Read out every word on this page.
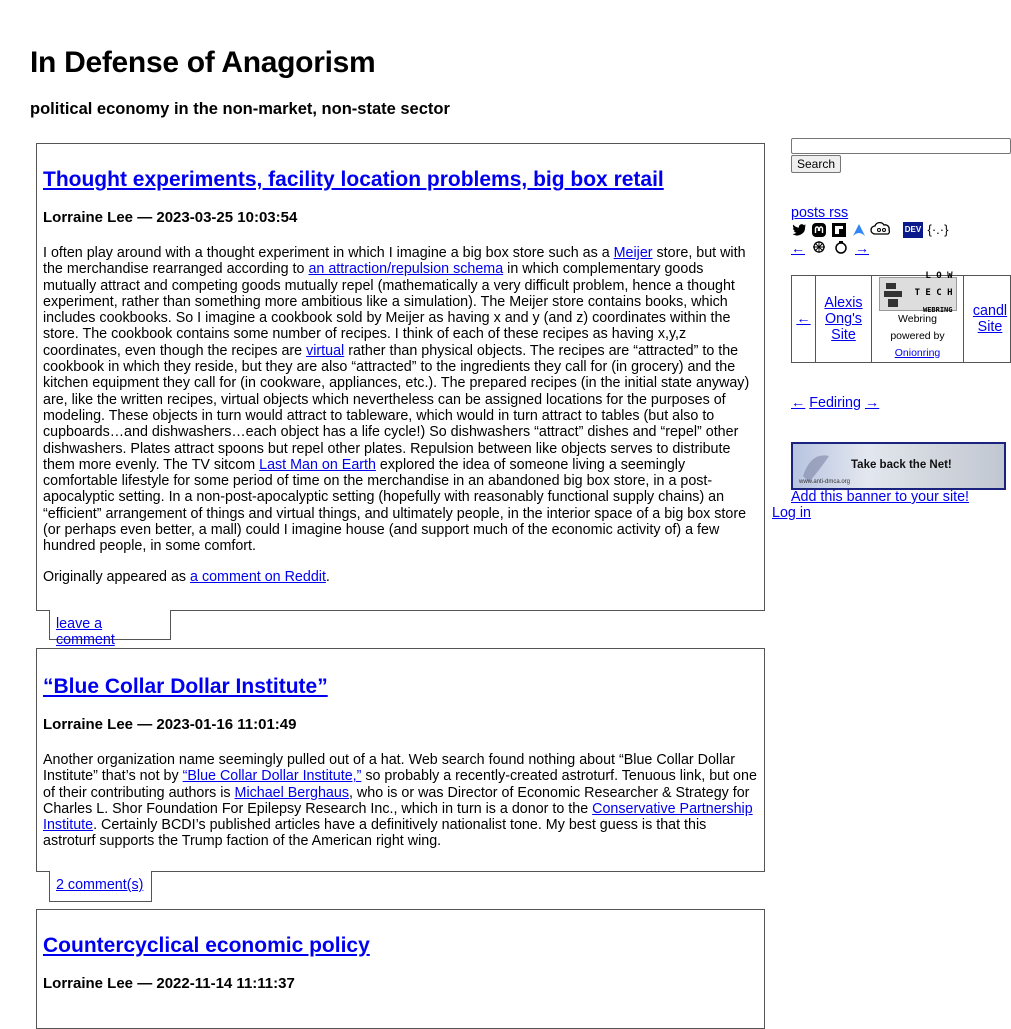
In Defense of Anagorism

political economy in the non-market, non-state sector

Thought experiments, facility location problems, big box retail
Lorraine Lee — 2023-03-25 10:03:54

I often play around with a thought experiment in which I imagine a big box store such as a Meijer store, but with the merchandise rearranged according to an attraction/repulsion schema in which complementary goods mutually attract and competing goods mutually repel (mathematically a very difficult problem, hence a thought experiment, rather than something more ambitious like a simulation). The Meijer store contains books, which includes cookbooks. So I imagine a cookbook sold by Meijer as having x and y (and z) coordinates within the store. The cookbook contains some number of recipes. I think of each of these recipes as having x,y,z coordinates, even though the recipes are virtual rather than physical objects. The recipes are “attracted” to the cookbook in which they reside, but they are also “attracted” to the ingredients they call for (in grocery) and the kitchen equipment they call for (in cookware, appliances, etc.). The prepared recipes (in the initial state anyway) are, like the written recipes, virtual objects which nevertheless can be assigned locations for the purposes of modeling. These objects in turn would attract to tableware, which would in turn attract to tables (but also to cupboards…and dishwashers…each object has a life cycle!) So dishwashers “attract” dishes and “repel” other dishwashers. Plates attract spoons but repel other plates. Repulsion between like objects serves to distribute them more evenly. The TV sitcom Last Man on Earth explored the idea of someone living a seemingly comfortable lifestyle for some period of time on the merchandise in an abandoned big box store, in a post-apocalyptic setting. In a non-post-apocalyptic setting (hopefully with reasonably functional supply chains) an “efficient” arrangement of things and virtual things, and ultimately people, in the interior space of a big box store (or perhaps even better, a mall) could I imagine house (and support much of the economic activity of) a few hundred people, in some comfort.

Originally appeared as a comment on Reddit.

leave a comment
“Blue Collar Dollar Institute”
Lorraine Lee — 2023-01-16 11:01:49

Another organization name seemingly pulled out of a hat. Web search found nothing about “Blue Collar Dollar Institute” that’s not by “Blue Collar Dollar Institute,” so probably a recently-created astroturf. Tenuous link, but one of their contributing authors is Michael Berghaus, who is or was Director of Economic Researcher & Strategy for Charles L. Shor Foundation For Epilepsy Research Inc., which in turn is a donor to the Conservative Partnership Institute. Certainly BCDI’s published articles have a definitively nationalist tone. My best guess is that this astroturf supports the Trump faction of the American right wing.

2 comment(s)
Countercyclical economic policy
Lorraine Lee — 2022-11-14 11:11:37
Search
posts rss
DEV {·.·}
←	→
←
Alexis Ong's Site
L O W
T E C H
WEBRING
Webring
powered by
Onionring
candl Site
← Fediring →
Take back the Net!
www.anti-dmca.org
Add this banner to your site!
Log in
